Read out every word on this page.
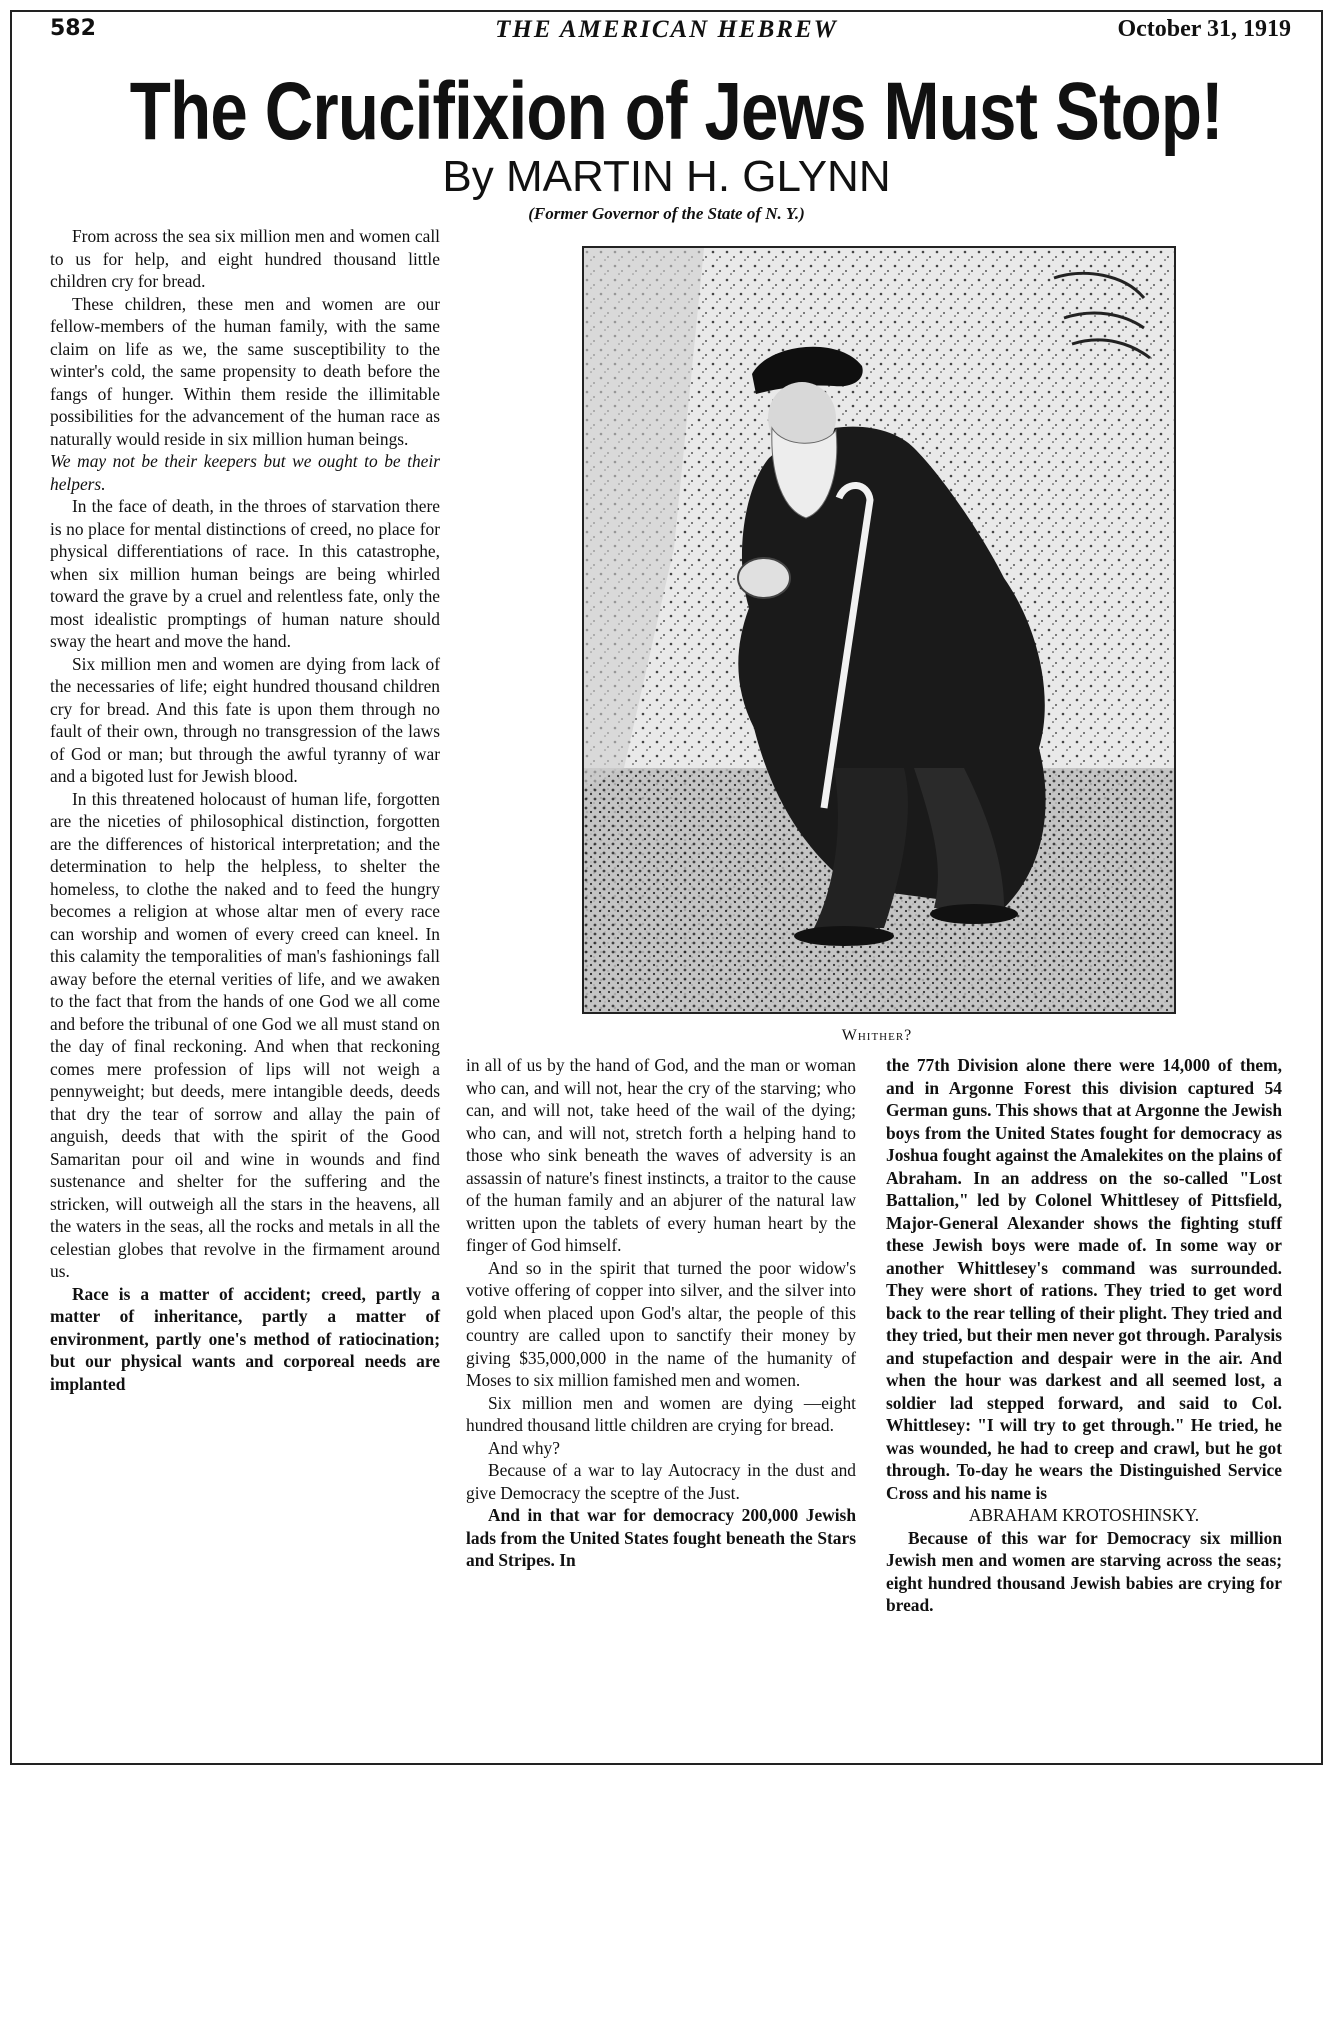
582	THE AMERICAN HEBREW	October 31, 1919
The Crucifixion of Jews Must Stop!
By MARTIN H. GLYNN
(Former Governor of the State of N. Y.)

From across the sea six million men and women call to us for help, and eight hundred thousand little children cry for bread.

These children, these men and women are our fellow-members of the human family, with the same claim on life as we, the same susceptibility to the winter's cold, the same propensity to death before the fangs of hunger. Within them reside the illimitable possibilities for the advancement of the human race as naturally would reside in six million human beings.

We may not be their keepers but we ought to be their helpers.

In the face of death, in the throes of starvation there is no place for mental distinctions of creed, no place for physical differentiations of race. In this catastrophe, when six million human beings are being whirled toward the grave by a cruel and relentless fate, only the most idealistic promptings of human nature should sway the heart and move the hand.

Six million men and women are dying from lack of the necessaries of life; eight hundred thousand children cry for bread. And this fate is upon them through no fault of their own, through no transgression of the laws of God or man; but through the awful tyranny of war and a bigoted lust for Jewish blood.

In this threatened holocaust of human life, forgotten are the niceties of philosophical distinction, forgotten are the differences of historical interpretation; and the determination to help the helpless, to shelter the homeless, to clothe the naked and to feed the hungry becomes a religion at whose altar men of every race can worship and women of every creed can kneel. In this calamity the temporalities of man's fashionings fall away before the eternal verities of life, and we awaken to the fact that from the hands of one God we all come and before the tribunal of one God we all must stand on the day of final reckoning. And when that reckoning comes mere profession of lips will not weigh a pennyweight; but deeds, mere intangible deeds, deeds that dry the tear of sorrow and allay the pain of anguish, deeds that with the spirit of the Good Samaritan pour oil and wine in wounds and find sustenance and shelter for the suffering and the stricken, will outweigh all the stars in the heavens, all the waters in the seas, all the rocks and metals in all the celestian globes that revolve in the firmament around us.

Race is a matter of accident; creed, partly a matter of inheritance, partly a matter of environment, partly one's method of ratiocination; but our physical wants and corporeal needs are implanted

Whither?

in all of us by the hand of God, and the man or woman who can, and will not, hear the cry of the starving; who can, and will not, take heed of the wail of the dying; who can, and will not, stretch forth a helping hand to those who sink beneath the waves of adversity is an assassin of nature's finest instincts, a traitor to the cause of the human family and an abjurer of the natural law written upon the tablets of every human heart by the finger of God himself.

And so in the spirit that turned the poor widow's votive offering of copper into silver, and the silver into gold when placed upon God's altar, the people of this country are called upon to sanctify their money by giving $35,000,000 in the name of the humanity of Moses to six million famished men and women.

Six million men and women are dying —eight hundred thousand little children are crying for bread.

And why?

Because of a war to lay Autocracy in the dust and give Democracy the sceptre of the Just.

And in that war for democracy 200,000 Jewish lads from the United States fought beneath the Stars and Stripes. In

the 77th Division alone there were 14,000 of them, and in Argonne Forest this division captured 54 German guns. This shows that at Argonne the Jewish boys from the United States fought for democracy as Joshua fought against the Amalekites on the plains of Abraham. In an address on the so-called "Lost Battalion," led by Colonel Whittlesey of Pittsfield, Major-General Alexander shows the fighting stuff these Jewish boys were made of. In some way or another Whittlesey's command was surrounded. They were short of rations. They tried to get word back to the rear telling of their plight. They tried and they tried, but their men never got through. Paralysis and stupefaction and despair were in the air. And when the hour was darkest and all seemed lost, a soldier lad stepped forward, and said to Col. Whittlesey: "I will try to get through." He tried, he was wounded, he had to creep and crawl, but he got through. To-day he wears the Distinguished Service Cross and his name is

ABRAHAM KROTOSHINSKY.

Because of this war for Democracy six million Jewish men and women are starving across the seas; eight hundred thousand Jewish babies are crying for bread.
